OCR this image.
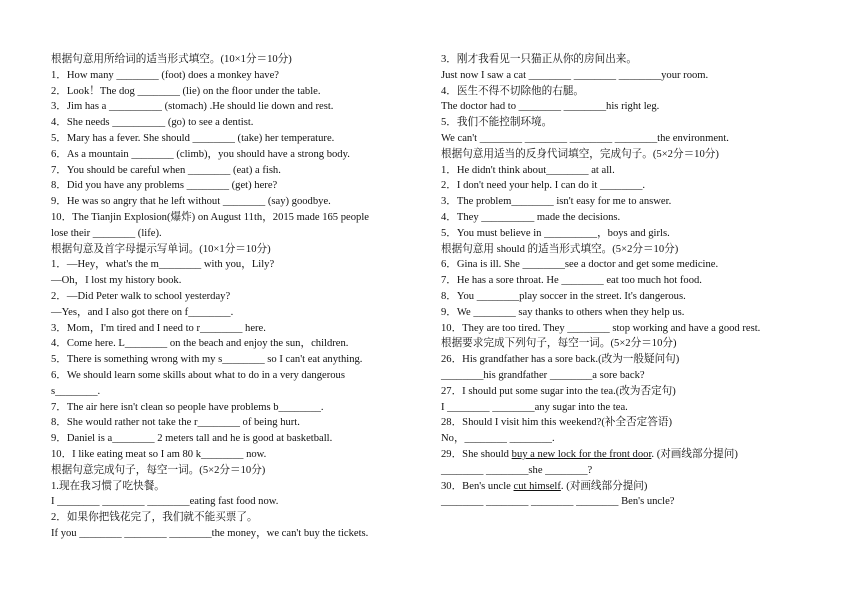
根据句意用所给词的适当形式填空。(10×1分＝10分)
1．How many ________ (foot) does a monkey have?
2．Look！The dog ________ (lie) on the floor under the table.
3．Jim has a __________ (stomach) .He should lie down and rest.
4．She needs __________ (go) to see a dentist.
5．Mary has a fever. She should ________ (take) her temperature.
6．As a mountain ________ (climb)，you should have a strong body.
7．You should be careful when ________ (eat) a fish.
8．Did you have any problems ________ (get) here?
9．He was so angry that he left without ________ (say) goodbye.
10．The Tianjin Explosion(爆炸) on August 11th，2015 made 165 people
lose their ________ (life).
根据句意及首字母提示写单词。(10×1分＝10分)
1．—Hey，what's the m________ with you，Lily?
—Oh，I lost my history book.
2．—Did Peter walk to school yesterday?
—Yes，and I also got there on f________.
3．Mom，I'm tired and I need to r________ here.
4．Come here. L________ on the beach and enjoy the sun，children.
5．There is something wrong with my s________ so I can't eat anything.
6．We should learn some skills about what to do in a very dangerous
s________.
7．The air here isn't clean so people have problems b________.
8．She would rather not take the r________ of being hurt.
9．Daniel is a________ 2 meters tall and he is good at basketball.
10．I like eating meat so I am 80 k________ now.
根据句意完成句子，每空一词。(5×2分＝10分)
1.现在我习惯了吃快餐。
I ________ ________ ________eating fast food now.
2．如果你把钱花完了，我们就不能买票了。
If you ________ ________ ________the money，we can't buy the tickets.
3．刚才我看见一只猫正从你的房间出来。
Just now I saw a cat ________ ________ ________your room.
4．医生不得不切除他的右腿。
The doctor had to ________ ________his right leg.
5．我们不能控制环境。
We can't ________ ________ ________ ________the environment.
根据句意用适当的反身代词填空，完成句子。(5×2分＝10分)
1．He didn't think about________ at all.
2．I don't need your help. I can do it ________.
3．The problem________ isn't easy for me to answer.
4．They __________ made the decisions.
5．You must believe in __________，boys and girls.
根据句意用 should 的适当形式填空。(5×2分＝10分)
6．Gina is ill. She ________see a doctor and get some medicine.
7．He has a sore throat. He ________ eat too much hot food.
8．You ________play soccer in the street. It's dangerous.
9．We ________ say thanks to others when they help us.
10．They are too tired. They ________ stop working and have a good rest.
根据要求完成下列句子，每空一词。(5×2分＝10分)
26．His grandfather has a sore back.(改为一般疑问句)
________his grandfather ________a sore back?
27．I should put some sugar into the tea.(改为否定句)
I ________ ________any sugar into the tea.
28．Should I visit him this weekend?(补全否定答语)
No，________ ________.
29．She should buy a new lock for the front door. (对画线部分提问)
________ ________she ________?
30．Ben's uncle cut himself. (对画线部分提问)
________ ________ ________ ________ Ben's uncle?
